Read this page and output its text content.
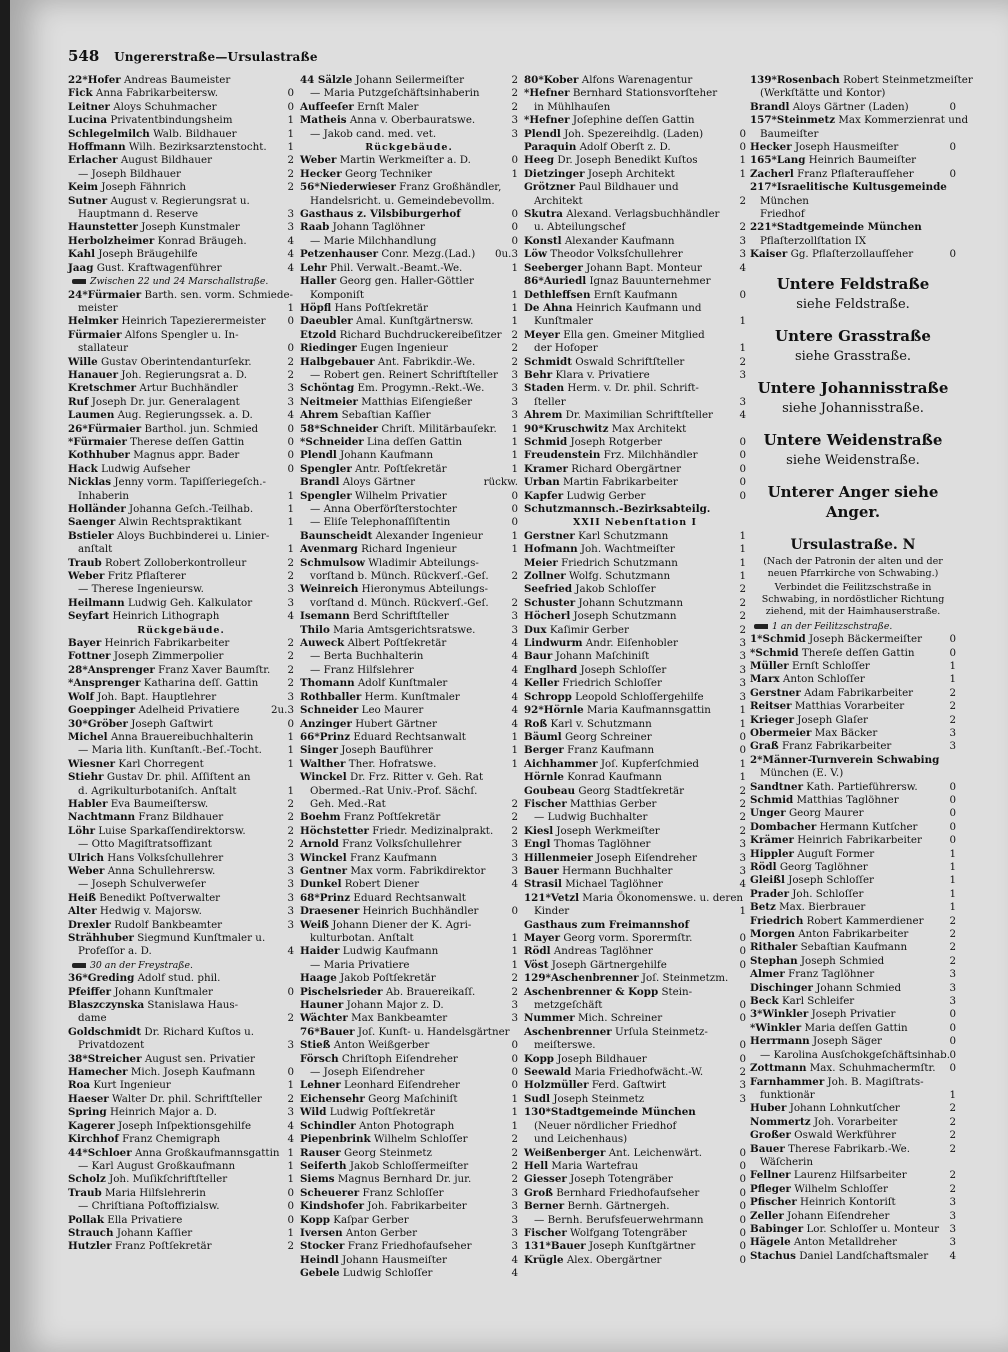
548 Ungererstraße—Ursulastraße

22*Hofer Andreas Baumeister

Fick Anna Fabrikarbeitersw.	0

Leitner Aloys Schuhmacher	0

Lucina Privatentbindungsheim	1

Schlegelmilch Walb. Bildhauer	1

Hoffmann Wilh. Bezirksarztenstocht. 1

Erlacher August Bildhauer	2

— Joseph Bildhauer	2

Keim Joseph Fähnrich	2

Sutner August v. Regierungsrat u.

Hauptmann d. Reserve	3

Haunstetter Joseph Kunstmaler	3

Herbolzheimer Konrad Bräugeh.	4

Kahl Joseph Bräugehilfe	4

Jaag Gust. Kraftwagenführer	4

Zwischen 22 und 24 Marschallstraße.

24*Fürmaier Barth. sen. vorm. Schmiede-

meister	1

Helmker Heinrich Tapezierermeister 0

Fürmaier Alfons Spengler u. In-

stallateur	0

Wille Gustav Oberintendanturſekr.	2

Hanauer Joh. Regierungsrat a. D.	2

Kretschmer Artur Buchhändler	3

Ruf Joseph Dr. jur. Generalagent	3

Laumen Aug. Regierungssek. a. D.	4

26*Fürmaier Barthol. jun. Schmied	0

*Fürmaier Therese deſſen Gattin	0

Kothhuber Magnus appr. Bader	0

Hack Ludwig Aufseher	0

Nicklas Jenny vorm. Tapiſſeriegeſch.-

Inhaberin	1

Holländer Johanna Geſch.-Teilhab.	1

Saenger Alwin Rechtspraktikant	1

Bstieler Aloys Buchbinderei u. Linier-

anſtalt	1

Traub Robert Zolloberkontrolleur	2

Weber Fritz Pflaſterer	2

— Therese Ingenieursw.	3

Heilmann Ludwig Geh. Kalkulator	3

Seyfart Heinrich Lithograph	4

Rückgebäude.

Bayer Heinrich Fabrikarbeiter	2

Fottner Joseph Zimmerpolier	2

28*Ansprenger Franz Xaver Baumſtr. 2

*Ansprenger Katharina deſſ. Gattin	2

Wolf Joh. Bapt. Hauptlehrer	3

Goeppinger Adelheid Privatiere	2u.3

30*Gröber Joseph Gaſtwirt	0

Michel Anna Brauereibuchhalterin	1

— Maria lith. Kunſtanſt.-Beſ.-Tocht. 1

Wiesner Karl Chorregent	1

Stiehr Gustav Dr. phil. Aſſiſtent an

d. Agrikulturbotaniſch. Anſtalt	1

Habler Eva Baumeiſtersw.	2

Nachtmann Franz Bildhauer	2

Löhr Luise Sparkaſſendirektorsw.	2

— Otto Magiſtratsoffizant	2

Ulrich Hans Volksſchullehrer	3

Weber Anna Schullehrersw.	3

— Joseph Schulverweſer	3

Heiß Benedikt Poſtverwalter	3

Alter Hedwig v. Majorsw.	3

Drexler Rudolf Bankbeamter	3

Strähhuber Siegmund Kunſtmaler u.

Profeſſor a. D.	4

30 an der Freystraße.

36*Greding Adolf stud. phil.

Pfeiffer Johann Kunſtmaler	0

Blaszczynska Stanislawa Haus-

dame	2

Goldschmidt Dr. Richard Kuſtos u.

Privatdozent	3

38*Streicher August sen. Privatier

Hamecher Mich. Joseph Kaufmann	0

Roa Kurt Ingenieur	1

Haeser Walter Dr. phil. Schriftſteller 2

Spring Heinrich Major a. D.	3

Kagerer Joseph Inſpektionsgehilfe	4

Kirchhof Franz Chemigraph	4

44*Schloer Anna Großkaufmannsgattin 1

— Karl August Großkaufmann	1

Scholz Joh. Muſikſchriftſteller	1

Traub Maria Hilfslehrerin	0

— Chriſtiana Poſtoffizialsw.	0

Pollak Ella Privatiere	0

Strauch Johann Kaſſier	1

Hutzler Franz Poſtſekretär	2

44 Sälzle Johann Seilermeiſter	2

— Maria Putzgeſchäftsinhaberin	2

Aufſeeſer Ernſt Maler	2

Matheis Anna v. Oberbauratswe.	3

— Jakob cand. med. vet.	3

Rückgebäude.

Weber Martin Werkmeiſter a. D.	0

Hecker Georg Techniker	1

56*Niederwieser Franz Großhändler,

Handelsricht. u. Gemeindebevollm.

Gasthaus z. Vilsbiburgerhof	0

Raab Johann Taglöhner	0

— Marie Milchhandlung	0

Petzenhauser Conr. Mezg.(Lad.) 0u.3

Lehr Phil. Verwalt.-Beamt.-We.	1

Haller Georg gen. Haller-Göttler

Komponiſt	1

Höpfl Hans Poſtſekretär	1

Daeubler Amal. Kunſtgärtnersw.	1

Etzold Richard Buchdruckereibeſitzer 2

Riedinger Eugen Ingenieur	2

Halbgebauer Ant. Fabrikdir.-We.	2

— Robert gen. Reinert Schriftſteller 3

Schöntag Em. Progymn.-Rekt.-We.	3

Neitmeier Matthias Eiſengießer	3

Ahrem Sebaſtian Kaſſier	3

58*Schneider Chriſt. Militärbauſekr. 1

*Schneider Lina deſſen Gattin	1

Plendl Johann Kaufmann	1

Spengler Antr. Poſtſekretär	1

Brandl Aloys Gärtner	rückw.

Spengler Wilhelm Privatier	0

— Anna Oberförſterstochter	0

— Eliſe Telephonaſſiſtentin	0

Baunscheidt Alexander Ingenieur	1

Avenmarg Richard Ingenieur	1

Schmulsow Wladimir Abteilungs-

vorſtand b. Münch. Rückverſ.-Geſ. 2

Weinreich Hieronymus Abteilungs-

vorſtand d. Münch. Rückverſ.-Geſ. 2

Isemann Berd Schriftſteller	3

Thilo Maria Amtsgerichtsratswe.	3

Auweck Albert Poſtſekretär	4

— Berta Buchhalterin	4

— Franz Hilfslehrer	4

Thomann Adolf Kunſtmaler	4

Rothballer Herm. Kunſtmaler	4

Schneider Leo Maurer	4

Anzinger Hubert Gärtner	4

66*Prinz Eduard Rechtsanwalt	1

Singer Joseph Bauführer	1

Walther Ther. Hofratswe.	1

Winckel Dr. Frz. Ritter v. Geh. Rat

Obermed.-Rat Univ.-Prof. Sächſ.

Geh. Med.-Rat	2

Boehm Franz Poſtſekretär	2

Höchstetter Friedr. Medizinalprakt. 2

Arnold Franz Volksſchullehrer	3

Winckel Franz Kaufmann	3

Gentner Max vorm. Fabrikdirektor	3

Dunkel Robert Diener	4

68*Prinz Eduard Rechtsanwalt

Draesener Heinrich Buchhändler	0

Weiß Johann Diener der K. Agri-

kulturbotan. Anſtalt	1

Haider Ludwig Kaufmann	1

— Maria Privatiere	1

Haage Jakob Poſtſekretär	2

Pischelsrieder Ab. Brauereikaſſ.	2

Hauner Johann Major z. D.	3

Wächter Max Bankbeamter	3

76*Bauer Joſ. Kunſt- u. Handelsgärtner

Stieß Anton Weißgerber	0

Försch Chriſtoph Eiſendreher	0

— Joseph Eiſendreher	0

Lehner Leonhard Eiſendreher	0

Eichensehr Georg Maſchiniſt	1

Wild Ludwig Poſtſekretär	1

Schindler Anton Photograph	1

Piepenbrink Wilhelm Schloſſer	2

Rauser Georg Steinmetz	2

Seiferth Jakob Schloſſermeiſter	2

Siems Magnus Bernhard Dr. jur.	2

Scheuerer Franz Schloſſer	3

Kindshofer Joh. Fabrikarbeiter	3

Kopp Kaſpar Gerber	3

Iversen Anton Gerber	3

Stocker Franz Friedhofaufseher	3

Heindl Johann Hausmeiſter	4

Gebele Ludwig Schloſſer	4

80*Kober Alfons Warenagentur

*Hefner Bernhard Stationsvorſteher

in Mühlhauſen

*Hefner Joſephine deſſen Gattin

Plendl Joh. Spezereihdlg. (Laden)	0

Paraquin Adolf Oberſt z. D.	0

Heeg Dr. Joseph Benedikt Kuſtos	1

Dietzinger Joseph Architekt	1

Grötzner Paul Bildhauer und

Architekt	2

Skutra Alexand. Verlagsbuchhändler

u. Abteilungschef	2

Konstl Alexander Kaufmann	3

Löw Theodor Volksſchullehrer	3

Seeberger Johann Bapt. Monteur	4

86*Auriedl Ignaz Bauunternehmer

Dethleffsen Ernſt Kaufmann	0

De Ahna Heinrich Kaufmann und

Kunſtmaler	1

Meyer Ella gen. Gmeiner Mitglied

der Hofoper	1

Schmidt Oswald Schriftſteller	2

Behr Klara v. Privatiere	3

Staden Herm. v. Dr. phil. Schrift-

ſteller	3

Ahrem Dr. Maximilian Schriftſteller	4

90*Kruschwitz Max Architekt

Schmid Joseph Rotgerber	0

Freudenstein Frz. Milchhändler	0

Kramer Richard Obergärtner	0

Urban Martin Fabrikarbeiter	0

Kapfer Ludwig Gerber	0

Schutzmannsch.-Bezirksabteilg.

XXII Nebenſtation I

Gerstner Karl Schutzmann	1

Hofmann Joh. Wachtmeiſter	1

Meier Friedrich Schutzmann	1

Zollner Wolfg. Schutzmann	1

Seefried Jakob Schloſſer	2

Schuster Johann Schutzmann	2

Höcherl Joseph Schutzmann	2

Dux Kaſimir Gerber	2

Lindwurm Andr. Eiſenhobler	3

Baur Johann Maſchiniſt	3

Englhard Joseph Schloſſer	3

Keller Friedrich Schloſſer	3

Schropp Leopold Schloſſergehilfe	3

92*Hörnle Maria Kaufmannsgattin	1

Roß Karl v. Schutzmann	1

Bäuml Georg Schreiner	0

Berger Franz Kaufmann	0

Aichhammer Joſ. Kupferſchmied	1

Hörnle Konrad Kaufmann	1

Goubeau Georg Stadtſekretär	2

Fischer Matthias Gerber	2

— Ludwig Buchhalter	2

Kiesl Joseph Werkmeiſter	2

Engl Thomas Taglöhner	3

Hillenmeier Joseph Eiſendreher	3

Bauer Hermann Buchhalter	3

Strasil Michael Taglöhner	4

121*Vetzl Maria Ökonomenswe. u. deren

Kinder	1

Gasthaus zum Freimannshof

Mayer Georg vorm. Sporermſtr.	0

Rödl Andreas Taglöhner	0

Vöst Joseph Gärtnergehilfe	0

129*Aschenbrenner Joſ. Steinmetzm.

Aschenbrenner & Kopp Stein-

metzgeſchäft	0

Nummer Mich. Schreiner	0

Aschenbrenner Urſula Steinmetz-

meiſterswe.	0

Kopp Joseph Bildhauer	0

Seewald Maria Friedhofwächt.-W.	2

Holzmüller Ferd. Gaſtwirt	3

Sudl Joseph Steinmetz	3

130*Stadtgemeinde München

(Neuer nördlicher Friedhof

und Leichenhaus)

Weißenberger Ant. Leichenwärt.	0

Hell Maria Wartefrau	0

Giesser Joseph Totengräber	0

Groß Bernhard Friedhofaufseher	0

Berner Bernh. Gärtnergeh.	0

— Bernh. Berufsfeuerwehrmann	0

Fischer Wolfgang Totengräber	0

131*Bauer Joseph Kunſtgärtner	0

Krügle Alex. Obergärtner	0

139*Rosenbach Robert Steinmetzmeiſter

(Werkſtätte und Kontor)

Brandl Aloys Gärtner (Laden)	0

157*Steinmetz Max Kommerzienrat und

Baumeiſter

Hecker Joseph Hausmeiſter	0

165*Lang Heinrich Baumeiſter

Zacherl Franz Pflaſteraufſeher	0

217*Israelitische Kultusgemeinde

München

Friedhof

221*Stadtgemeinde München

Pflaſterzollſtation IX

Kaiser Gg. Pflaſterzollaufſeher	0

Untere Feldstraße
siehe Feldstraße.
Untere Grasstraße
siehe Grasstraße.
Untere Johannisstraße
siehe Johannisstraße.
Untere Weidenstraße
siehe Weidenstraße.
Unterer Anger siehe Anger.
Ursulastraße. N
(Nach der Patronin der alten und der neuen Pfarrkirche von Schwabing.)
Verbindet die Feilitzschstraße in Schwabing, in nordöstlicher Richtung ziehend, mit der Haimhauserstraße.

1 an der Feilitzschstraße.

1*Schmid Joseph Bäckermeiſter	0

*Schmid Thereſe deſſen Gattin	0

Müller Ernſt Schloſſer	1

Marx Anton Schloſſer	1

Gerstner Adam Fabrikarbeiter	2

Reitser Matthias Vorarbeiter	2

Krieger Joseph Glaſer	2

Obermeier Max Bäcker	3

Graß Franz Fabrikarbeiter	3

2*Männer-Turnverein Schwabing

München (E. V.)

Sandtner Kath. Partieführersw.	0

Schmid Matthias Taglöhner	0

Unger Georg Maurer	0

Dombacher Hermann Kutſcher	0

Krämer Heinrich Fabrikarbeiter	0

Hippler Auguſt Former	1

Rödl Georg Taglöhner	1

Gleißl Joseph Schloſſer	1

Prader Joh. Schloſſer	1

Betz Max. Bierbrauer	1

Friedrich Robert Kammerdiener	2

Morgen Anton Fabrikarbeiter	2

Rithaler Sebaſtian Kaufmann	2

Stephan Joseph Schmied	2

Almer Franz Taglöhner	3

Dischinger Johann Schmied	3

Beck Karl Schleifer	3

3*Winkler Joseph Privatier	0

*Winkler Maria deſſen Gattin	0

Herrmann Joseph Säger	0

— Karolina Ausſchokgeſchäftsinhab. 0

Zottmann Max. Schuhmachermſtr. 0

Farnhammer Joh. B. Magiſtrats-

funktionär	1

Huber Johann Lohnkutſcher	2

Nommertz Joh. Vorarbeiter	2

Großer Oswald Werkführer	2

Bauer Therese Fabrikarb.-We.	2

Wäſcherin

Fellner Laurenz Hilfsarbeiter	2

Pfleger Wilhelm Schloſſer	2

Pfischer Heinrich Kontoriſt	3

Zeller Johann Eiſendreher	3

Babinger Lor. Schloſſer u. Monteur 3

Hägele Anton Metalldreher	3

Stachus Daniel Landſchaftsmaler 4
